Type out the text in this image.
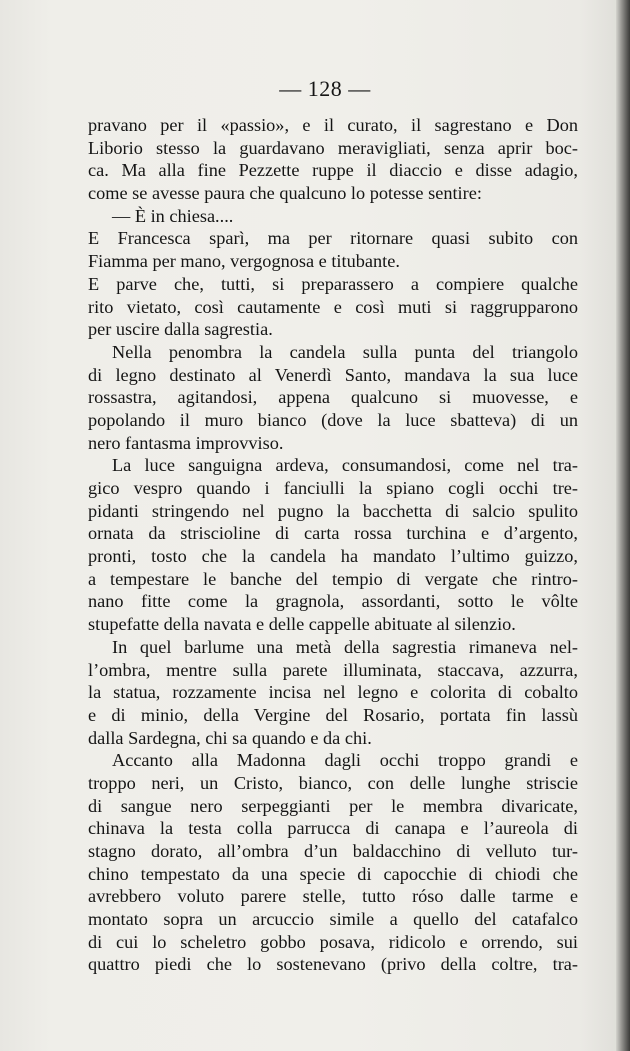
— 128 —
pravano per il «passio», e il curato, il sagrestano e Don
Liborio stesso la guardavano meravigliati, senza aprir boc-
ca. Ma alla fine Pezzette ruppe il diaccio e disse adagio,
come se avesse paura che qualcuno lo potesse sentire:
— È in chiesa....
E Francesca sparì, ma per ritornare quasi subito con
Fiamma per mano, vergognosa e titubante.
E parve che, tutti, si preparassero a compiere qualche
rito vietato, così cautamente e così muti si raggrupparono
per uscire dalla sagrestia.
Nella penombra la candela sulla punta del triangolo
di legno destinato al Venerdì Santo, mandava la sua luce
rossastra, agitandosi, appena qualcuno si muovesse, e
popolando il muro bianco (dove la luce sbatteva) di un
nero fantasma improvviso.
La luce sanguigna ardeva, consumandosi, come nel tra-
gico vespro quando i fanciulli la spiano cogli occhi tre-
pidanti stringendo nel pugno la bacchetta di salcio spulito
ornata da striscioline di carta rossa turchina e d’argento,
pronti, tosto che la candela ha mandato l’ultimo guizzo,
a tempestare le banche del tempio di vergate che rintro-
nano fitte come la gragnola, assordanti, sotto le vôlte
stupefatte della navata e delle cappelle abituate al silenzio.
In quel barlume una metà della sagrestia rimaneva nel-
l’ombra, mentre sulla parete illuminata, staccava, azzurra,
la statua, rozzamente incisa nel legno e colorita di cobalto
e di minio, della Vergine del Rosario, portata fin lassù
dalla Sardegna, chi sa quando e da chi.
Accanto alla Madonna dagli occhi troppo grandi e
troppo neri, un Cristo, bianco, con delle lunghe striscie
di sangue nero serpeggianti per le membra divaricate,
chinava la testa colla parrucca di canapa e l’aureola di
stagno dorato, all’ombra d’un baldacchino di velluto tur-
chino tempestato da una specie di capocchie di chiodi che
avrebbero voluto parere stelle, tutto róso dalle tarme e
montato sopra un arcuccio simile a quello del catafalco
di cui lo scheletro gobbo posava, ridicolo e orrendo, sui
quattro piedi che lo sostenevano (privo della coltre, tra-
